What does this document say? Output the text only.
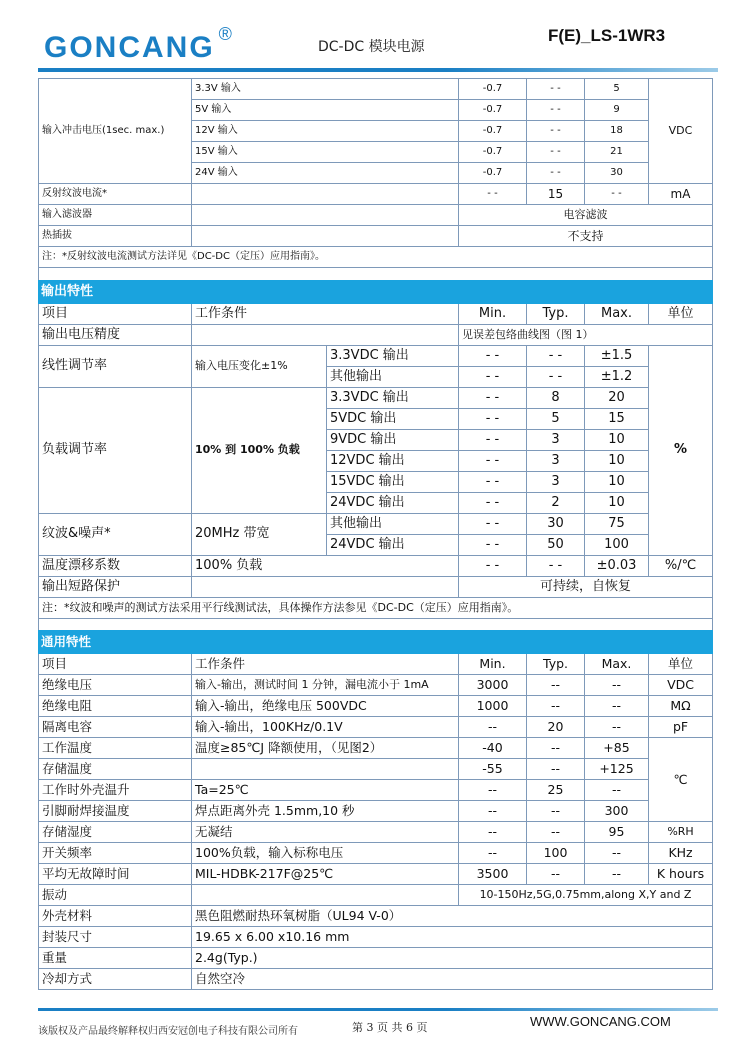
GONCANG ®
DC-DC 模块电源
F(E)_LS-1WR3
输入冲击电压(1sec. max.)	3.3V 输入	-0.7	- -	5	VDC
	5V 输入	-0.7	- -	9	
	12V 输入	-0.7	- -	18	
	15V 输入	-0.7	- -	21	
	24V 输入	-0.7	- -	30	
反射纹波电流*		- -	15	- -	mA
输入滤波器		电容滤波			
热插拔		不支持			
注：*反射纹波电流测试方法详见《DC-DC（定压）应用指南》。					

输出特性						
项目	工作条件		Min.	Typ.	Max.	单位
输出电压精度			见误差包络曲线图（图 1）			
线性调节率	输入电压变化±1%	3.3VDC 输出	- -	- -	±1.5	%
		其他输出	- -	- -	±1.2	
负载调节率	10% 到 100% 负载	3.3VDC 输出	- -	8	20	
		5VDC 输出	- -	5	15	
		9VDC 输出	- -	3	10	
		12VDC 输出	- -	3	10	
		15VDC 输出	- -	3	10	
		24VDC 输出	- -	2	10	
纹波&噪声*	20MHz 带宽	其他输出	- -	30	75	
		24VDC 输出	- -	50	100	
温度漂移系数	100% 负载		- -	- -	±0.03	%/℃
输出短路保护			可持续，自恢复			
注：*纹波和噪声的测试方法采用平行线测试法，具体操作方法参见《DC-DC（定压）应用指南》。						

通用特性					
项目	工作条件	Min.	Typ.	Max.	单位
绝缘电压	输入-输出，测试时间 1 分钟，漏电流小于 1mA	3000	--	--	VDC
绝缘电阻	输入-输出，绝缘电压 500VDC	1000	--	--	MΩ
隔离电容	输入-输出，100KHz/0.1V	--	20	--	pF
工作温度	温度≥85℃J 降额使用，（见图2）	-40	--	+85	℃
存储温度		-55	--	+125	
工作时外壳温升	Ta=25℃	--	25	--	
引脚耐焊接温度	焊点距离外壳 1.5mm,10 秒	--	--	300	
存储湿度	无凝结	--	--	95	%RH
开关频率	100%负载，输入标称电压	--	100	--	KHz
平均无故障时间	MIL-HDBK-217F@25℃	3500	--	--	K hours
振动		10-150Hz,5G,0.75mm,along X,Y and Z			
外壳材料	黑色阻燃耐热环氧树脂（UL94 V-0）				
封装尺寸	19.65 x 6.00 x10.16 mm				
重量	2.4g(Typ.)				
冷却方式	自然空冷				
该版权及产品最终解释权归西安冠创电子科技有限公司所有	第 3 页 共 6 页	WWW.GONCANG.COM
